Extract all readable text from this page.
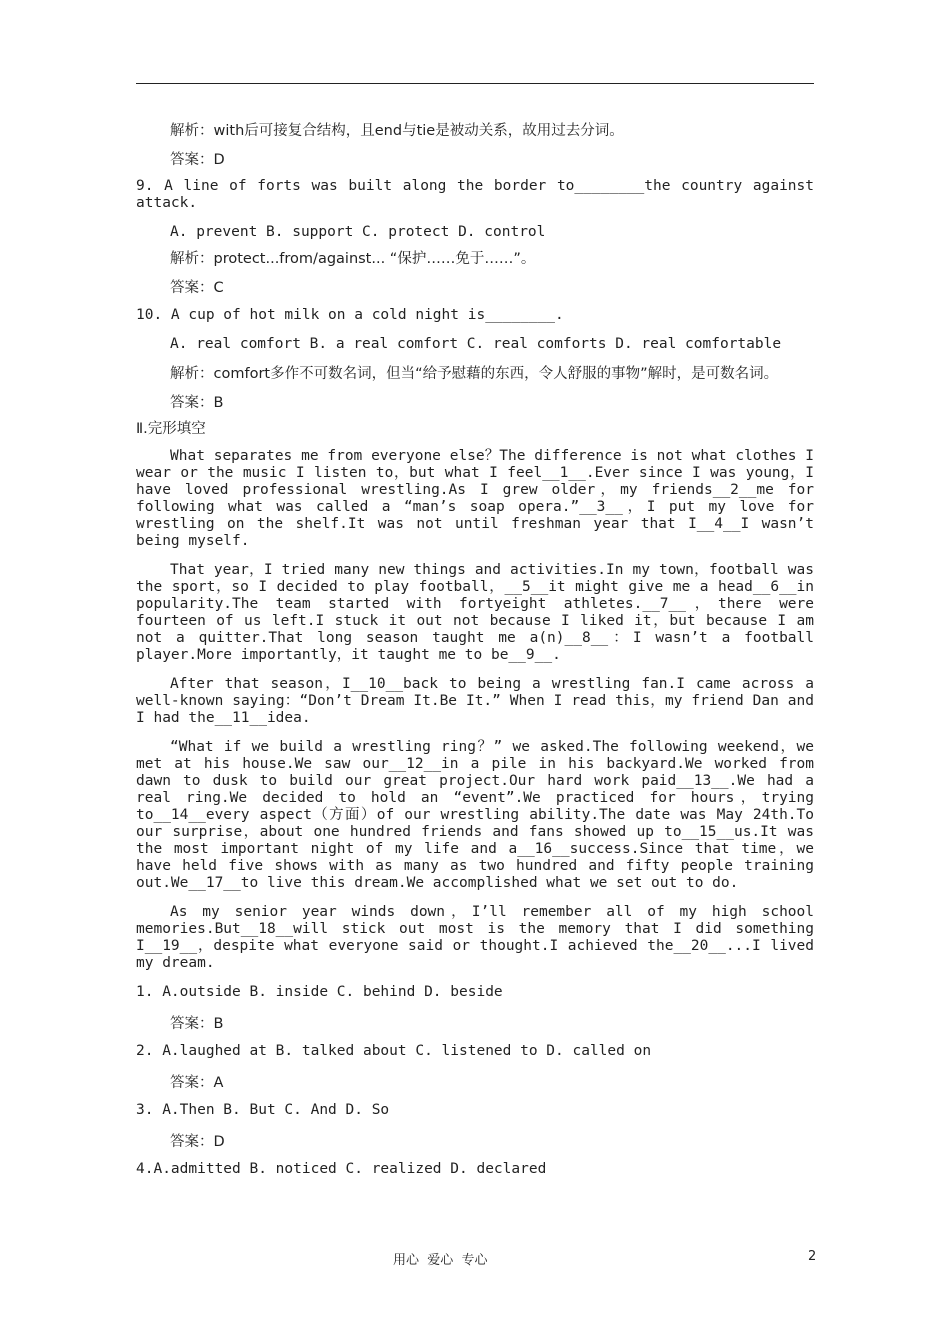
解析：with后可接复合结构，且end与tie是被动关系，故用过去分词。

答案：D

9. A line of forts was built along the border to________the country against attack.

A. prevent B. support C. protect D. control

解析：protect...from/against... “保护……免于……”。

答案：C

10. A cup of hot milk on a cold night is________.

A. real comfort B. a real comfort C. real comforts D. real comfortable

解析：comfort多作不可数名词，但当“给予慰藉的东西，令人舒服的事物”解时，是可数名词。

答案：B

Ⅱ.完形填空

What separates me from everyone else？The difference is not what clothes I wear or the music I listen to，but what I feel__1__.Ever since I was young，I have loved professional wrestling.As I grew older，my friends__2__me for following what was called a “man’s soap opera.”__3__，I put my love for wrestling on the shelf.It was not until freshman year that I__4__I wasn’t being myself.

That year，I tried many new things and activities.In my town，football was the sport，so I decided to play football，__5__it might give me a head__6__in popularity.The team started with fortyeight athletes.__7__，there were fourteen of us left.I stuck it out not because I liked it，but because I am not a quitter.That long season taught me a(n)__8__：I wasn’t a football player.More importantly，it taught me to be__9__.

After that season，I__10__back to being a wrestling fan.I came across a well-known saying：“Don’t Dream It.Be It.” When I read this，my friend Dan and I had the__11__idea.

“What if we build a wrestling ring？” we asked.The following weekend，we met at his house.We saw our__12__in a pile in his backyard.We worked from dawn to dusk to build our great project.Our hard work paid__13__.We had a real ring.We decided to hold an “event”.We practiced for hours，trying to__14__every aspect（方面）of our wrestling ability.The date was May 24th.To our surprise，about one hundred friends and fans showed up to__15__us.It was the most important night of my life and a__16__success.Since that time，we have held five shows with as many as two hundred and fifty people training out.We__17__to live this dream.We accomplished what we set out to do.

As my senior year winds down，I’ll remember all of my high school memories.But__18__will stick out most is the memory that I did something I__19__，despite what everyone said or thought.I achieved the__20__...I lived my dream.

1. A.outside B. inside C. behind D. beside

答案：B

2. A.laughed at B. talked about C. listened to D. called on

答案：A

3. A.Then B. But C. And D. So

答案：D

4.A.admitted B. noticed C. realized D. declared

用心  爱心  专心	2
